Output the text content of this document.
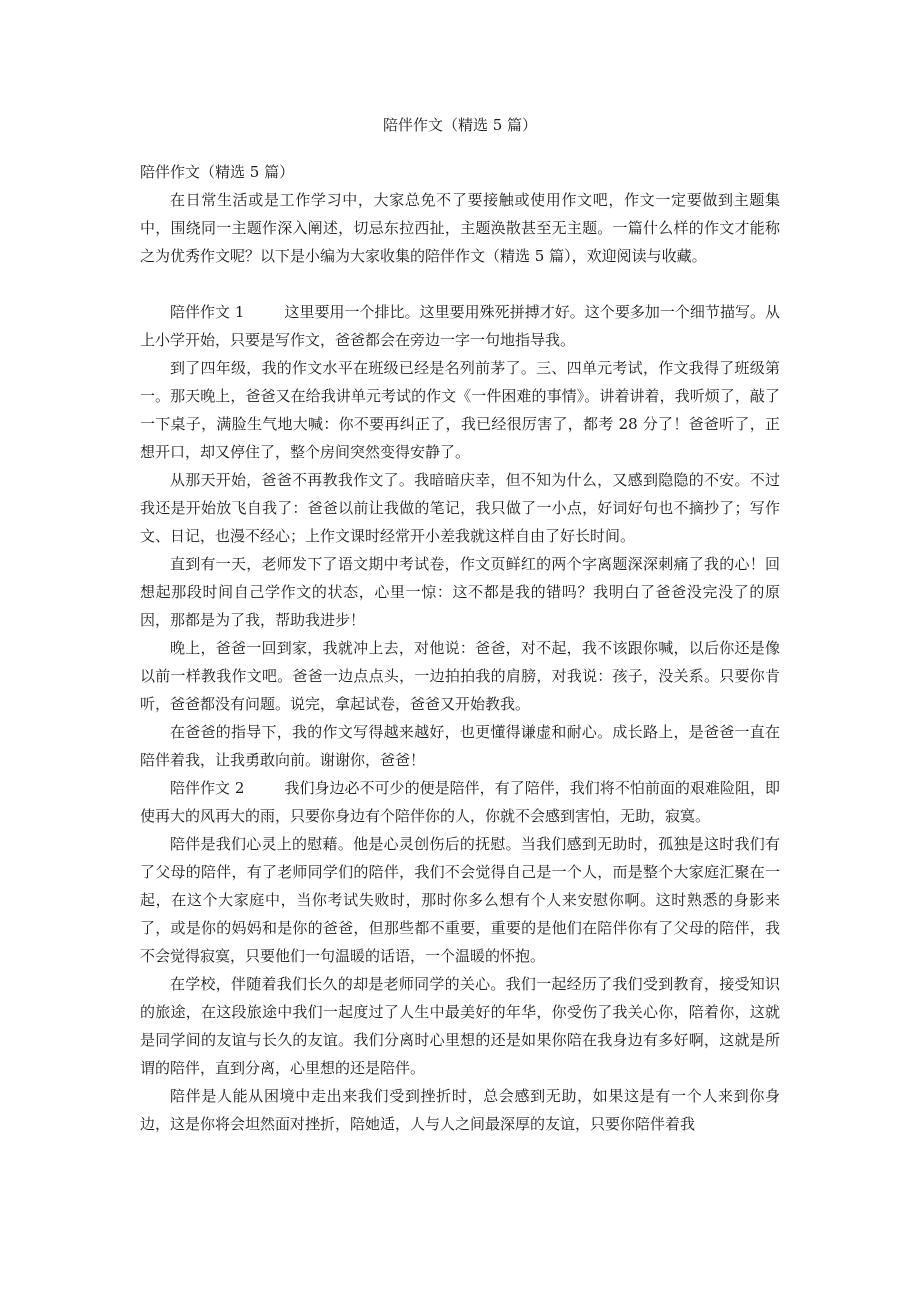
陪伴作文（精选 5 篇）

陪伴作文（精选 5 篇）

在日常生活或是工作学习中，大家总免不了要接触或使用作文吧，作文一定要做到主题集中，围绕同一主题作深入阐述，切忌东拉西扯，主题涣散甚至无主题。一篇什么样的作文才能称之为优秀作文呢？以下是小编为大家收集的陪伴作文（精选 5 篇），欢迎阅读与收藏。

陪伴作文 1	这里要用一个排比。这里要用殊死拼搏才好。这个要多加一个细节描写。从上小学开始，只要是写作文，爸爸都会在旁边一字一句地指导我。

到了四年级，我的作文水平在班级已经是名列前茅了。三、四单元考试，作文我得了班级第一。那天晚上，爸爸又在给我讲单元考试的作文《一件困难的事情》。讲着讲着，我听烦了，敲了一下桌子，满脸生气地大喊：你不要再纠正了，我已经很厉害了，都考 28 分了！爸爸听了，正想开口，却又停住了，整个房间突然变得安静了。

从那天开始，爸爸不再教我作文了。我暗暗庆幸，但不知为什么，又感到隐隐的不安。不过我还是开始放飞自我了：爸爸以前让我做的笔记，我只做了一小点，好词好句也不摘抄了；写作文、日记，也漫不经心；上作文课时经常开小差我就这样自由了好长时间。

直到有一天，老师发下了语文期中考试卷，作文页鲜红的两个字离题深深刺痛了我的心！回想起那段时间自己学作文的状态，心里一惊：这不都是我的错吗？我明白了爸爸没完没了的原因，那都是为了我，帮助我进步！

晚上，爸爸一回到家，我就冲上去，对他说：爸爸，对不起，我不该跟你喊，以后你还是像以前一样教我作文吧。爸爸一边点点头，一边拍拍我的肩膀，对我说：孩子，没关系。只要你肯听，爸爸都没有问题。说完，拿起试卷，爸爸又开始教我。

在爸爸的指导下，我的作文写得越来越好，也更懂得谦虚和耐心。成长路上，是爸爸一直在陪伴着我，让我勇敢向前。谢谢你，爸爸！

陪伴作文 2	我们身边必不可少的便是陪伴，有了陪伴，我们将不怕前面的艰难险阻，即使再大的风再大的雨，只要你身边有个陪伴你的人，你就不会感到害怕，无助，寂寞。

陪伴是我们心灵上的慰藉。他是心灵创伤后的抚慰。当我们感到无助时，孤独是这时我们有了父母的陪伴，有了老师同学们的陪伴，我们不会觉得自己是一个人，而是整个大家庭汇聚在一起，在这个大家庭中，当你考试失败时，那时你多么想有个人来安慰你啊。这时熟悉的身影来了，或是你的妈妈和是你的爸爸，但那些都不重要，重要的是他们在陪伴你有了父母的陪伴，我不会觉得寂寞，只要他们一句温暖的话语，一个温暖的怀抱。

在学校，伴随着我们长久的却是老师同学的关心。我们一起经历了我们受到教育，接受知识的旅途，在这段旅途中我们一起度过了人生中最美好的年华，你受伤了我关心你，陪着你，这就是同学间的友谊与长久的友谊。我们分离时心里想的还是如果你陪在我身边有多好啊，这就是所谓的陪伴，直到分离，心里想的还是陪伴。

陪伴是人能从困境中走出来我们受到挫折时，总会感到无助，如果这是有一个人来到你身边，这是你将会坦然面对挫折，陪她适，人与人之间最深厚的友谊，只要你陪伴着我
